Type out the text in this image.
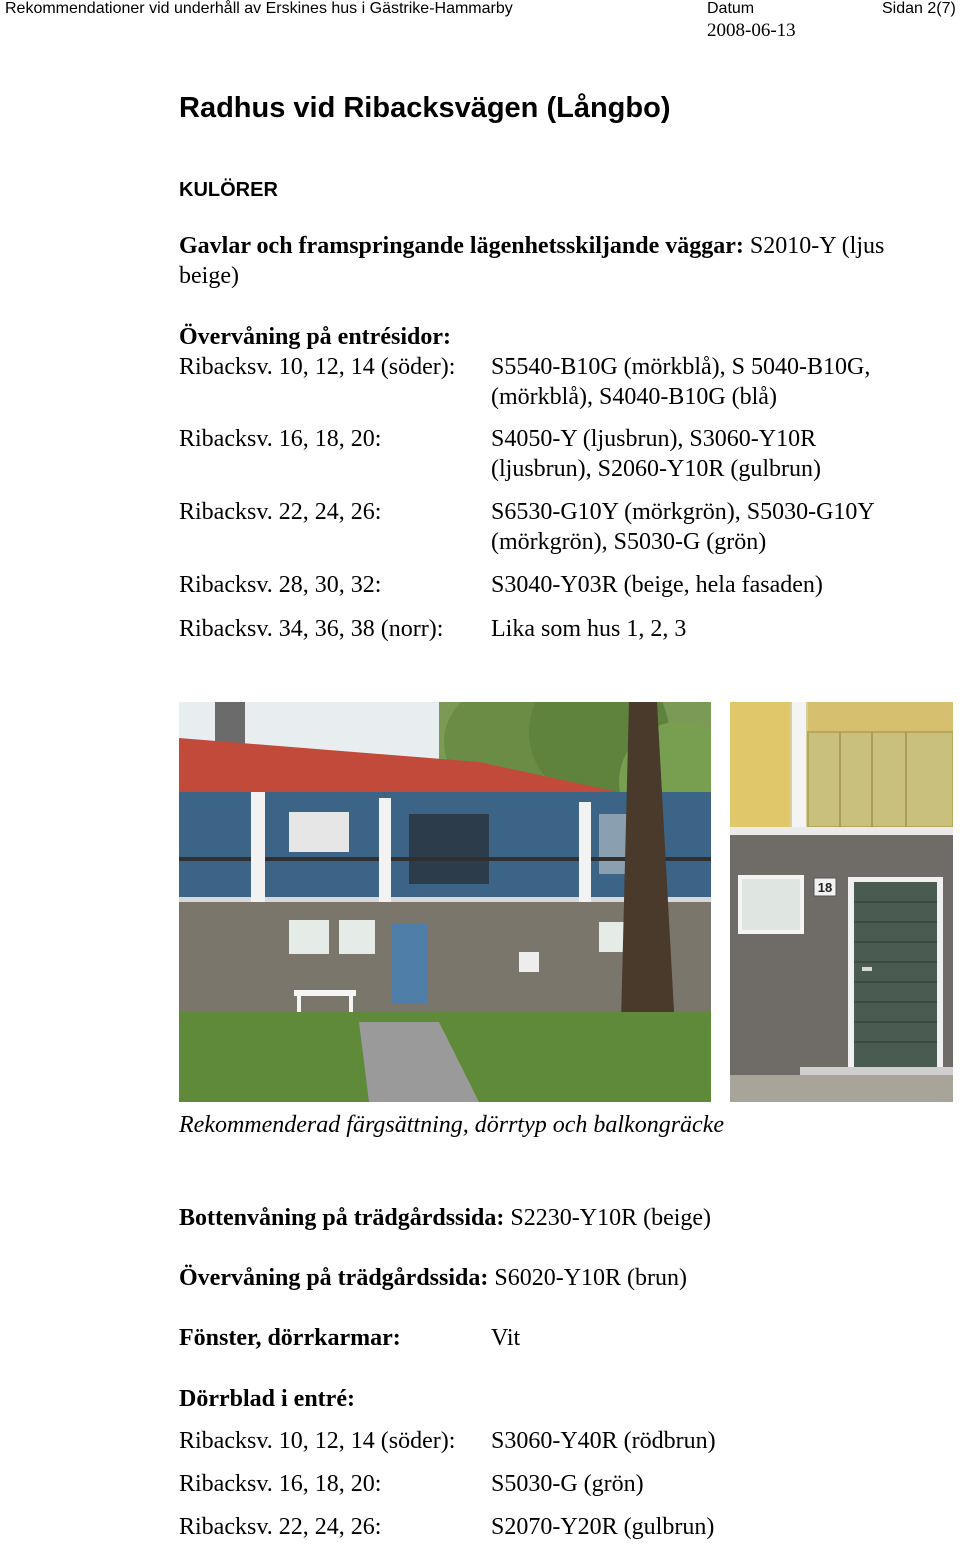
Rekommendationer vid underhåll av Erskines hus i Gästrike-Hammarby	Datum
2008-06-13
Sidan 2(7)
Radhus vid Ribacksvägen (Långbo)
KULÖRER
Gavlar och framspringande lägenhetsskiljande väggar: S2010-Y (ljus
beige)
Övervåning på entrésidor:
Ribacksv. 10, 12, 14 (söder): S5540-B10G (mörkblå), S 5040-B10G,
(mörkblå), S4040-B10G (blå)
Ribacksv. 16, 18, 20:	S4050-Y (ljusbrun), S3060-Y10R
(ljusbrun), S2060-Y10R (gulbrun)
Ribacksv. 22, 24, 26:	S6530-G10Y (mörkgrön), S5030-G10Y
(mörkgrön), S5030-G (grön)
Ribacksv. 28, 30, 32:	S3040-Y03R (beige, hela fasaden)
Ribacksv. 34, 36, 38 (norr): Lika som hus 1, 2, 3
18
Rekommenderad färgsättning, dörrtyp och balkongräcke
Bottenvåning på trädgårdssida: S2230-Y10R (beige)
Övervåning på trädgårdssida: S6020-Y10R (brun)
Fönster, dörrkarmar:	Vit
Dörrblad i entré:
Ribacksv. 10, 12, 14 (söder): S3060-Y40R (rödbrun)
Ribacksv. 16, 18, 20:	S5030-G (grön)
Ribacksv. 22, 24, 26:	S2070-Y20R (gulbrun)
